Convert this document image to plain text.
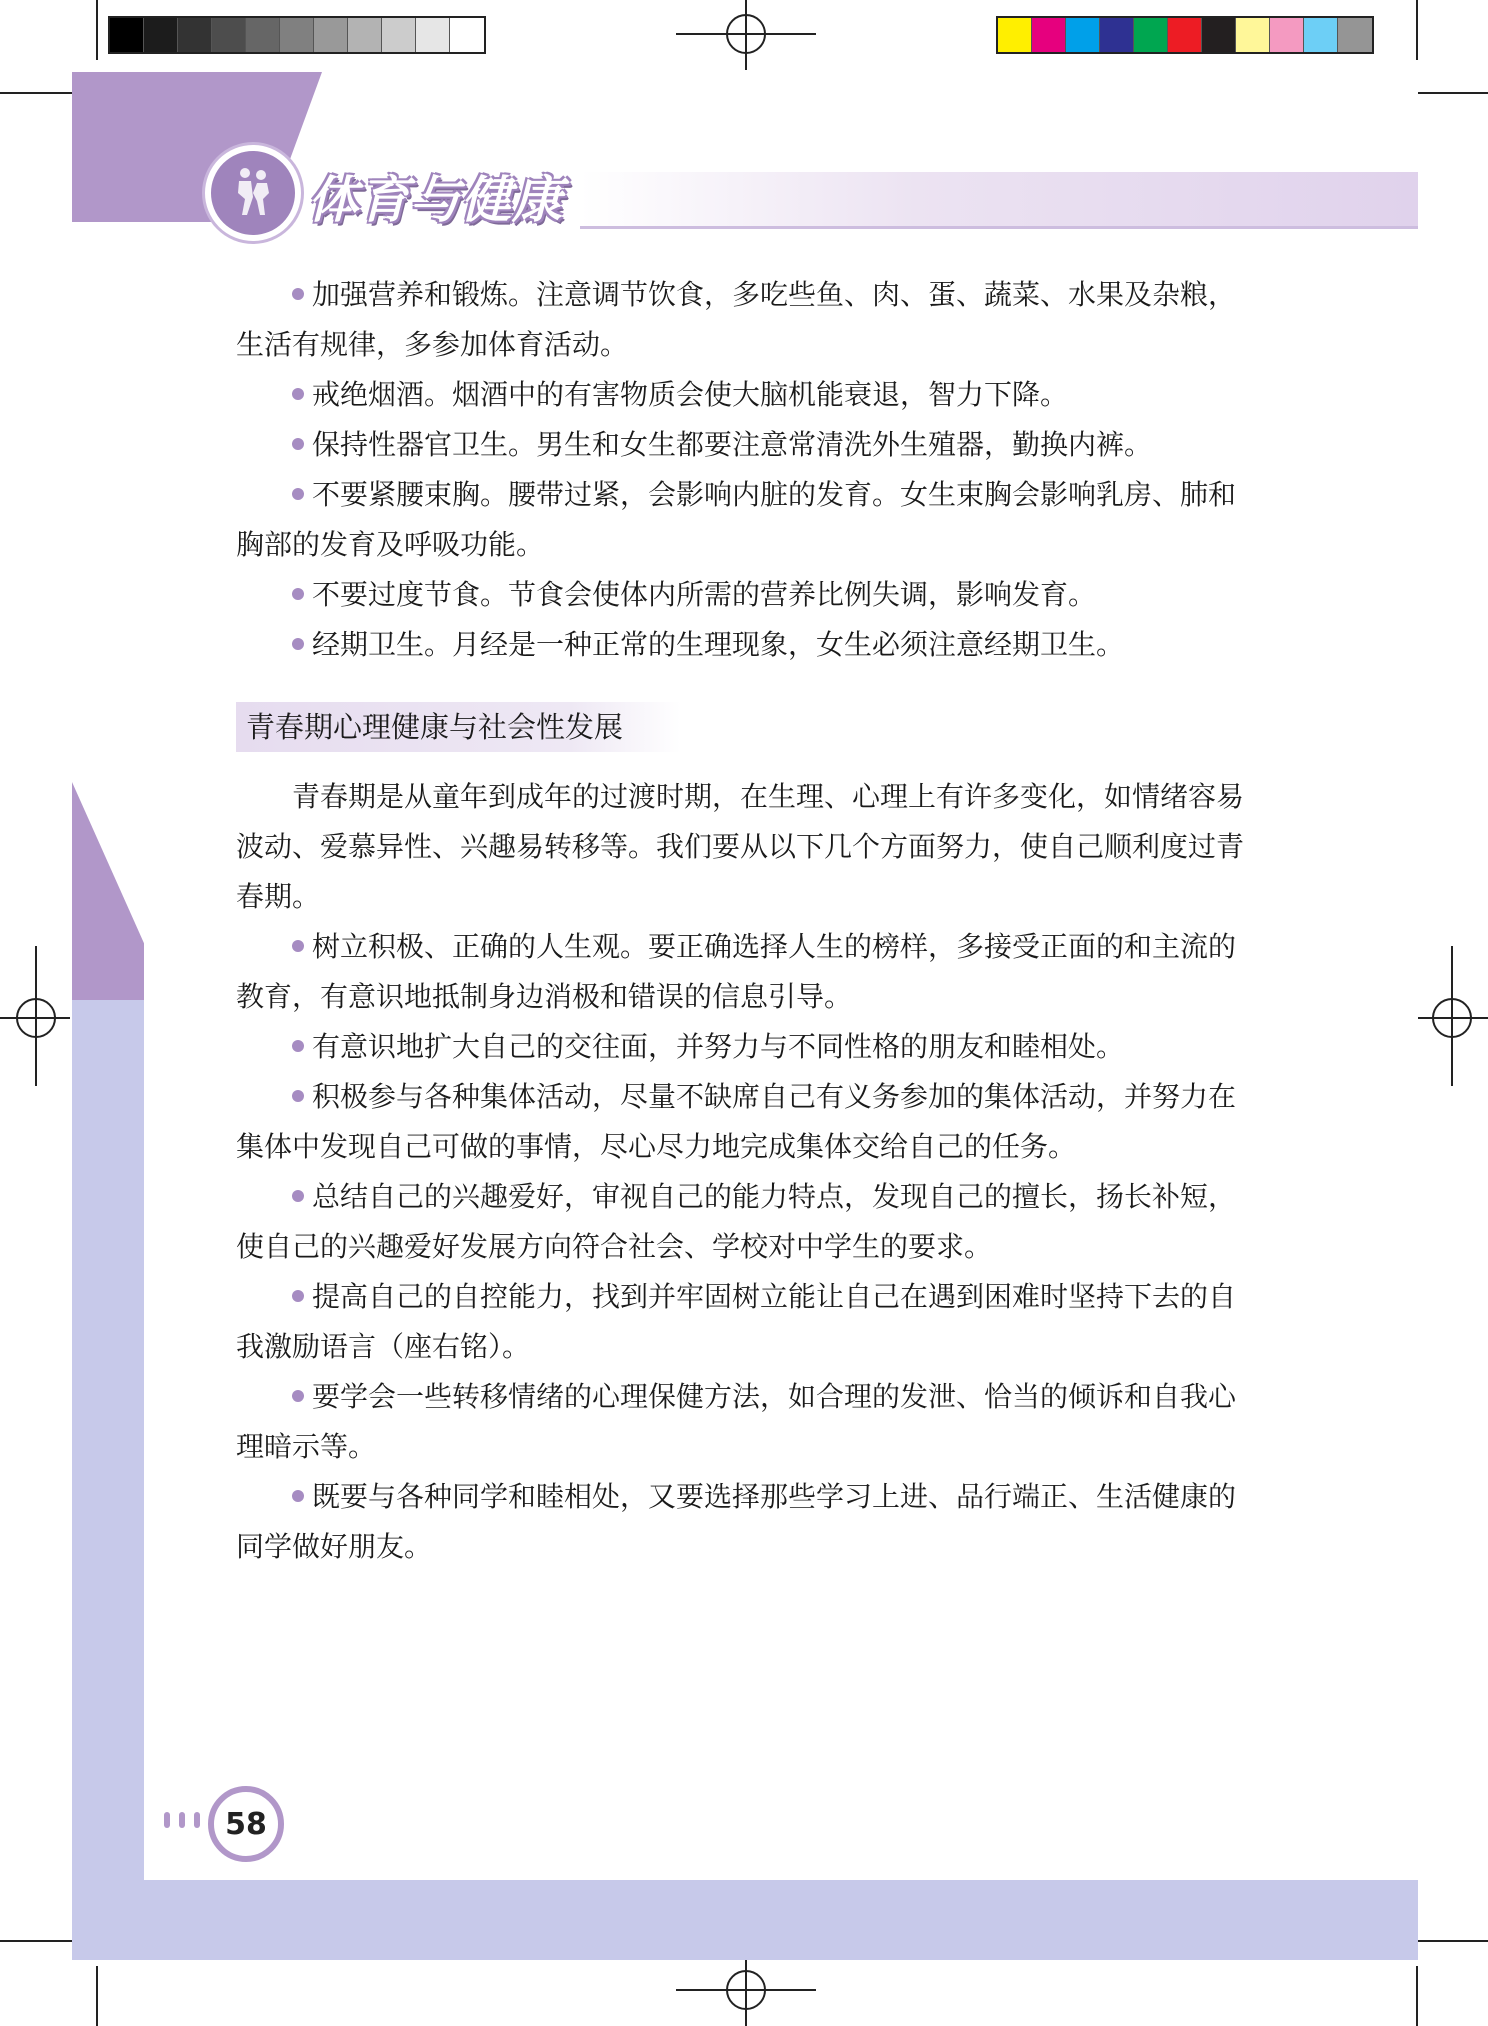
体育与健康

加强营养和锻炼。注意调节饮食，多吃些鱼、肉、蛋、蔬菜、水果及杂粮，生活有规律，多参加体育活动。

戒绝烟酒。烟酒中的有害物质会使大脑机能衰退，智力下降。

保持性器官卫生。男生和女生都要注意常清洗外生殖器，勤换内裤。

不要紧腰束胸。腰带过紧，会影响内脏的发育。女生束胸会影响乳房、肺和胸部的发育及呼吸功能。

不要过度节食。节食会使体内所需的营养比例失调，影响发育。

经期卫生。月经是一种正常的生理现象，女生必须注意经期卫生。

青春期心理健康与社会性发展

青春期是从童年到成年的过渡时期，在生理、心理上有许多变化，如情绪容易波动、爱慕异性、兴趣易转移等。我们要从以下几个方面努力，使自己顺利度过青春期。

树立积极、正确的人生观。要正确选择人生的榜样，多接受正面的和主流的教育，有意识地抵制身边消极和错误的信息引导。

有意识地扩大自己的交往面，并努力与不同性格的朋友和睦相处。

积极参与各种集体活动，尽量不缺席自己有义务参加的集体活动，并努力在集体中发现自己可做的事情，尽心尽力地完成集体交给自己的任务。

总结自己的兴趣爱好，审视自己的能力特点，发现自己的擅长，扬长补短，使自己的兴趣爱好发展方向符合社会、学校对中学生的要求。

提高自己的自控能力，找到并牢固树立能让自己在遇到困难时坚持下去的自我激励语言（座右铭）。

要学会一些转移情绪的心理保健方法，如合理的发泄、恰当的倾诉和自我心理暗示等。

既要与各种同学和睦相处，又要选择那些学习上进、品行端正、生活健康的同学做好朋友。

58
